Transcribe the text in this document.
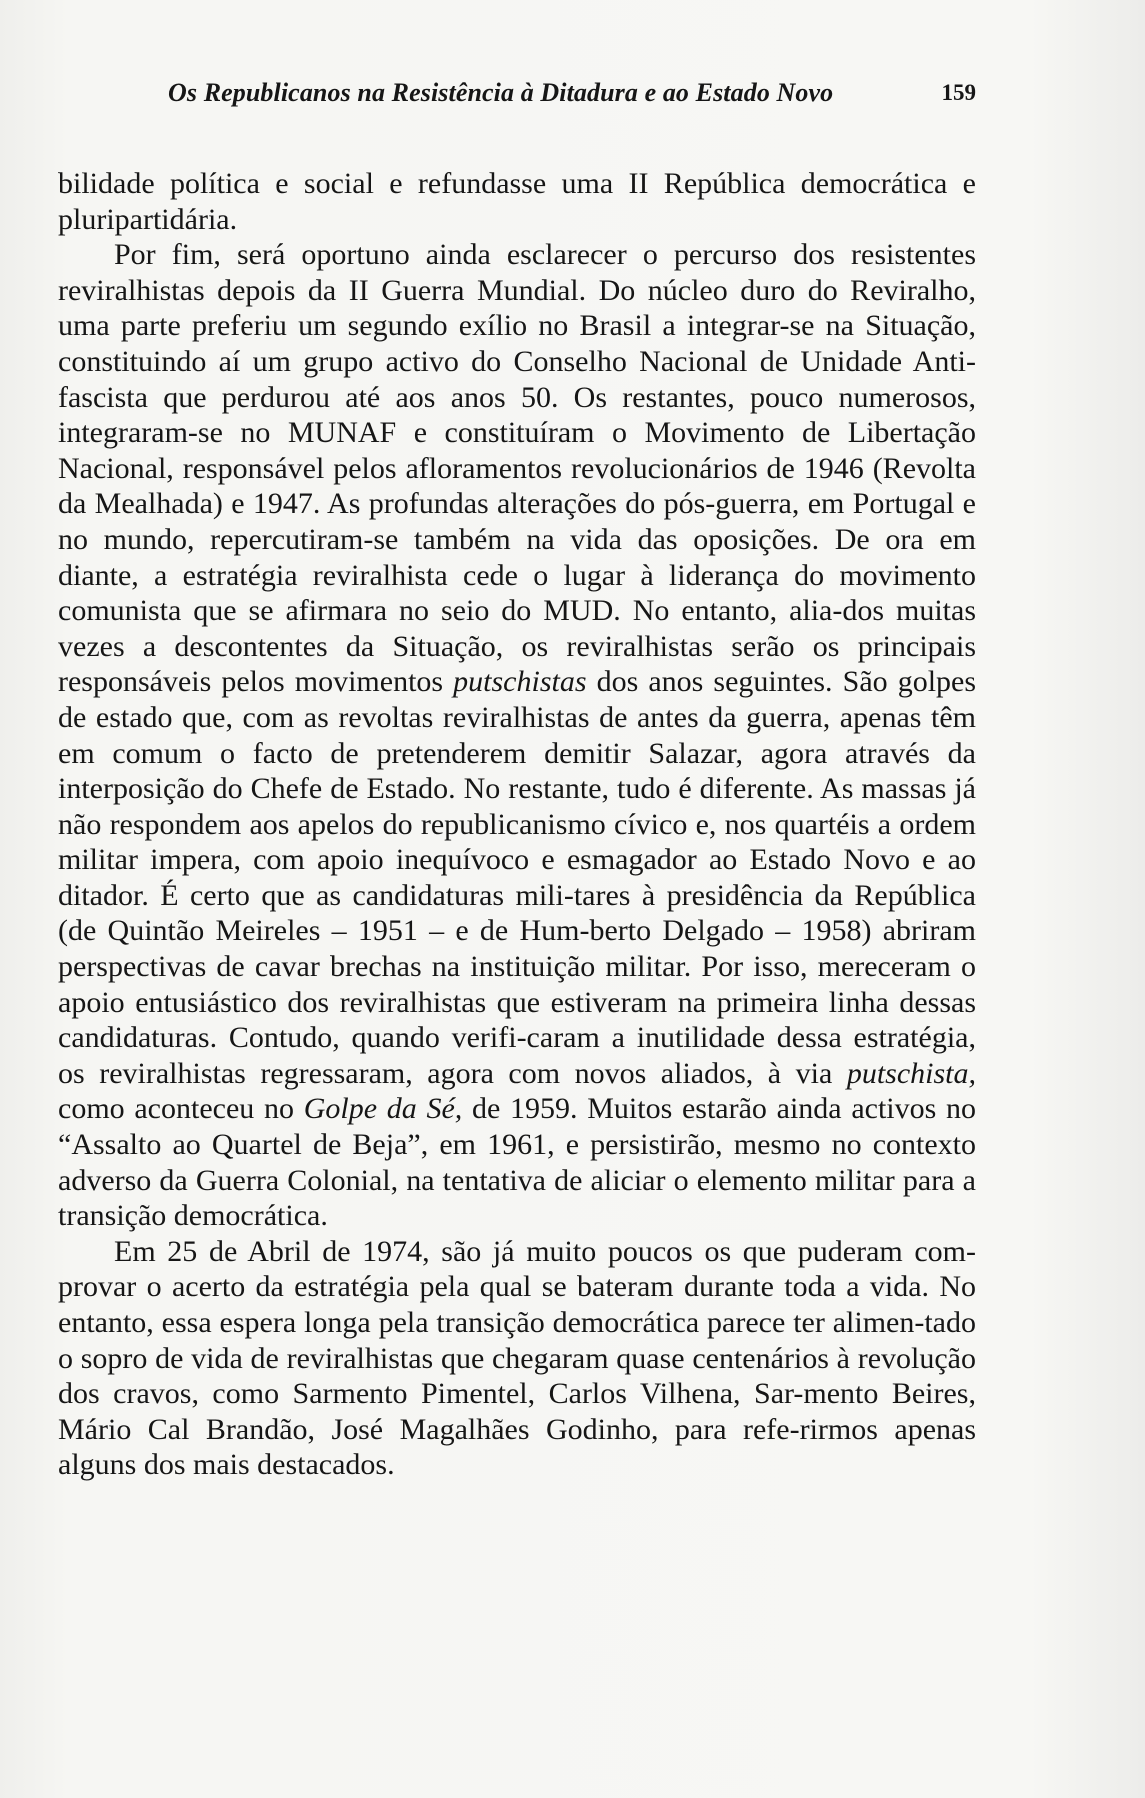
Os Republicanos na Resistência à Ditadura e ao Estado Novo	159

bilidade política e social e refundasse uma II República democrática e pluripartidária.

Por fim, será oportuno ainda esclarecer o percurso dos resistentes reviralhistas depois da II Guerra Mundial. Do núcleo duro do Reviralho, uma parte preferiu um segundo exílio no Brasil a integrar-se na Situação, constituindo aí um grupo activo do Conselho Nacional de Unidade Anti-fascista que perdurou até aos anos 50. Os restantes, pouco numerosos, integraram-se no MUNAF e constituíram o Movimento de Libertação Nacional, responsável pelos afloramentos revolucionários de 1946 (Revolta da Mealhada) e 1947. As profundas alterações do pós-guerra, em Portugal e no mundo, repercutiram-se também na vida das oposições. De ora em diante, a estratégia reviralhista cede o lugar à liderança do movimento comunista que se afirmara no seio do MUD. No entanto, alia-dos muitas vezes a descontentes da Situação, os reviralhistas serão os principais responsáveis pelos movimentos putschistas dos anos seguintes. São golpes de estado que, com as revoltas reviralhistas de antes da guerra, apenas têm em comum o facto de pretenderem demitir Salazar, agora através da interposição do Chefe de Estado. No restante, tudo é diferente. As massas já não respondem aos apelos do republicanismo cívico e, nos quartéis a ordem militar impera, com apoio inequívoco e esmagador ao Estado Novo e ao ditador. É certo que as candidaturas mili-tares à presidência da República (de Quintão Meireles – 1951 – e de Hum-berto Delgado – 1958) abriram perspectivas de cavar brechas na instituição militar. Por isso, mereceram o apoio entusiástico dos reviralhistas que estiveram na primeira linha dessas candidaturas. Contudo, quando verifi-caram a inutilidade dessa estratégia, os reviralhistas regressaram, agora com novos aliados, à via putschista, como aconteceu no Golpe da Sé, de 1959. Muitos estarão ainda activos no “Assalto ao Quartel de Beja”, em 1961, e persistirão, mesmo no contexto adverso da Guerra Colonial, na tentativa de aliciar o elemento militar para a transição democrática.

Em 25 de Abril de 1974, são já muito poucos os que puderam com-provar o acerto da estratégia pela qual se bateram durante toda a vida. No entanto, essa espera longa pela transição democrática parece ter alimen-tado o sopro de vida de reviralhistas que chegaram quase centenários à revolução dos cravos, como Sarmento Pimentel, Carlos Vilhena, Sar-mento Beires, Mário Cal Brandão, José Magalhães Godinho, para refe-rirmos apenas alguns dos mais destacados.
